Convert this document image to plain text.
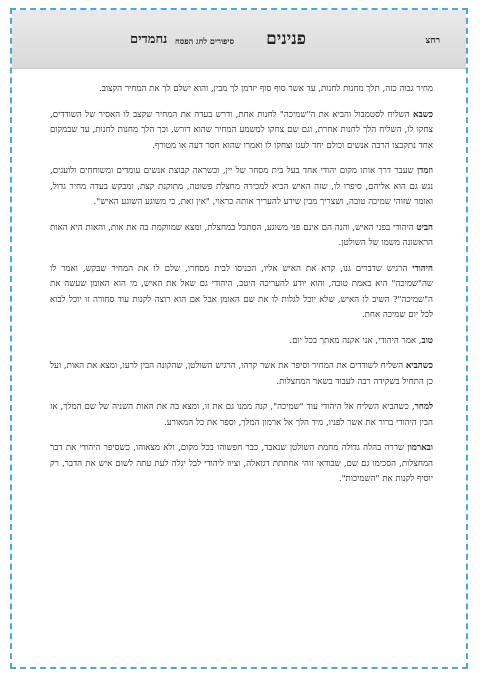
רחצ
פנינים
סיפורים לחג הפסח
נחמדים

מחיר גבוה כזה, תלך מחנות לחנות, עד אשר סוף סוף יזדמן לך מבין, והוא ישלם לך את המחיר הקצוב.

כשבא השליח לסטמבול והביא את ה"שמיכה" לחנות אחת, ודרש בעדה את המחיר שקצב לו האסיר של השודדים, צחקו לו, השליח הלך לחנות אחרת, וגם שם צחקו למשמע המחיר שהוא דורש, וכך הלך מחנות לחנות, עד שבמקום אחד נתקבצו הרבה אנשים וכולם יחד לעגו וצחקו לו ואמרו שהוא חסר דעה או מטורף.

וזמדן שעבר דרך אותו מקום יהודי אחד בעל בית מסחר של יין, וכשראה קבוצת אנשים עומדים ומשוחחים ולועגים, נגש גם הוא אליהם, סיפרו לו, שזה האיש הביא למכירה מחצלת פשוטה, מתוקנת קצת, ומבקש בעדה מחיר גדול, ואומר שזוהי שמיכה טובה, ושצריך מבין שידע להעריך אותה כראוי, "אין זאת, כי משוגע השוגע האיש".

הביט היהודי בפני האיש, והנה הם אינם פני משוגע, הסתכל במחצלת, ומצא שמווקמת בה את אות, והאות היא האות הראשונה משמו של השולטן.

היהודי הרגיש שדברים גנו, קרא את האיש אליו, הכניסו לבית מסחרו, שלם לו את המחיר שבקש, ואמר לו שה"שמיכה" היא באמת טובה, והוא יודע להעריכה היטב, היהודי גם שאל את האיש, מי הוא האומן שעשה את ה"שמיכה"? השיב לו האיש, שלא יוכל לגלות לו את שם האומן אבל אם הוא רוצה לקנות עוד סחורה זו יוכל לבוא לכל יום שמיכה אחת.

טוב, אמר היהודי, אני אקנה מאתך בכל יום.

כשהביא השליח לשודדים את המחיר וסיפר את אשר קרהו, הרגיש השולטן, שהקונה הבין לרעו, ומצא את האות, ועל כן התחיל בשקידה רבה לעבוד בשאר המחצלות.

למחר, כשהביא השליח אל היהודי עוד "שמיכה", קנה ממנו גם את זו, ומצא בה את האות השניה של שם המלך, אז הבין היהודי ברור את אשר לפניו, מיד הלך אל ארמון המלך, וספר את כל המאורע.

ובארמון שררה בהלה גדולה מחמת השולטן שנאבד, כבר חפשוהו בכל מקום, ולא מצאוהו, כשסיפר היהודי את דבר המחצלות, הסכימו גם שם, שבודאי זוהי אחתתת דגואלה, וציוו ליהודי לבל יגלה לעת עתה לשום איש את הדבר, רק יוסיף לקנות את "השמיכות".
